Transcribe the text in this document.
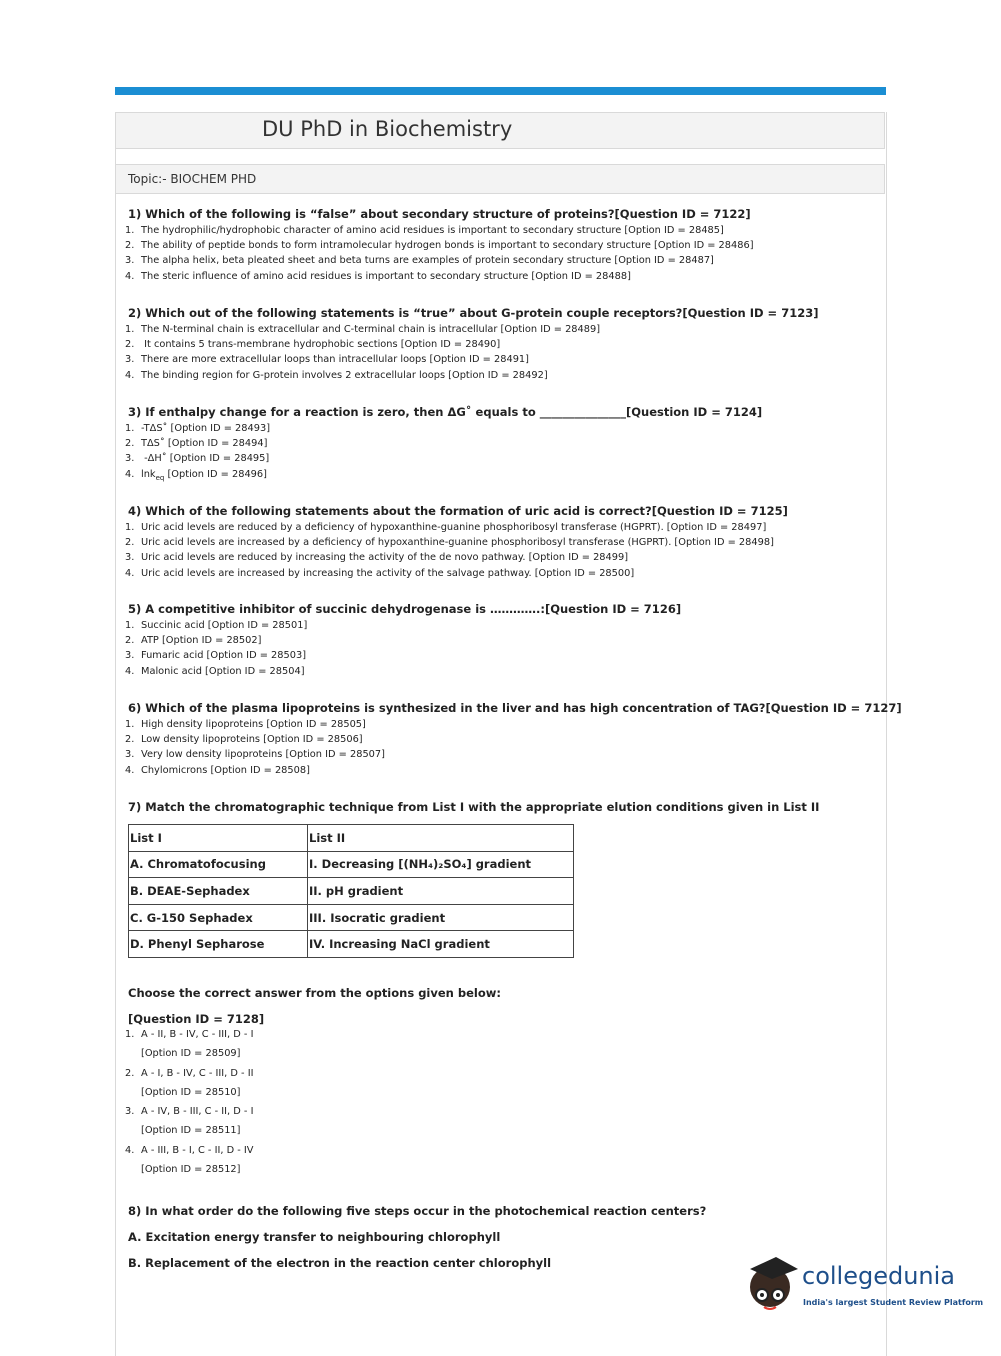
DU PhD in Biochemistry
Topic:- BIOCHEM PHD
1) Which of the following is “false” about secondary structure of proteins?[Question ID = 7122]
1. The hydrophilic/hydrophobic character of amino acid residues is important to secondary structure [Option ID = 28485]
2. The ability of peptide bonds to form intramolecular hydrogen bonds is important to secondary structure [Option ID = 28486]
3. The alpha helix, beta pleated sheet and beta turns are examples of protein secondary structure [Option ID = 28487]
4. The steric influence of amino acid residues is important to secondary structure [Option ID = 28488]
2) Which out of the following statements is “true” about G-protein couple receptors?[Question ID = 7123]
1. The N-terminal chain is extracellular and C-terminal chain is intracellular [Option ID = 28489]
2. It contains 5 trans-membrane hydrophobic sections [Option ID = 28490]
3. There are more extracellular loops than intracellular loops [Option ID = 28491]
4. The binding region for G-protein involves 2 extracellular loops [Option ID = 28492]
3) If enthalpy change for a reaction is zero, then ΔG˚ equals to _______________[Question ID = 7124]
1. -TΔS˚ [Option ID = 28493]
2. TΔS˚ [Option ID = 28494]
3. -ΔH˚ [Option ID = 28495]
4. lnk$_{eq}$ [Option ID = 28496]
4) Which of the following statements about the formation of uric acid is correct?[Question ID = 7125]
1. Uric acid levels are reduced by a deficiency of hypoxanthine-guanine phosphoribosyl transferase (HGPRT). [Option ID = 28497]
2. Uric acid levels are increased by a deficiency of hypoxanthine-guanine phosphoribosyl transferase (HGPRT). [Option ID = 28498]
3. Uric acid levels are reduced by increasing the activity of the de novo pathway. [Option ID = 28499]
4. Uric acid levels are increased by increasing the activity of the salvage pathway. [Option ID = 28500]
5) A competitive inhibitor of succinic dehydrogenase is ………….:[Question ID = 7126]
1. Succinic acid [Option ID = 28501]
2. ATP [Option ID = 28502]
3. Fumaric acid [Option ID = 28503]
4. Malonic acid [Option ID = 28504]
6) Which of the plasma lipoproteins is synthesized in the liver and has high concentration of TAG?[Question ID = 7127]
1. High density lipoproteins [Option ID = 28505]
2. Low density lipoproteins [Option ID = 28506]
3. Very low density lipoproteins [Option ID = 28507]
4. Chylomicrons [Option ID = 28508]
7) Match the chromatographic technique from List I with the appropriate elution conditions given in List II
List I	List II
A. Chromatofocusing	I. Decreasing [(NH₄)₂SO₄] gradient
B. DEAE-Sephadex	II. pH gradient
C. G-150 Sephadex	III. Isocratic gradient
D. Phenyl Sepharose	IV. Increasing NaCl gradient
Choose the correct answer from the options given below:
[Question ID = 7128]
1. A - II, B - IV, C - III, D - I
[Option ID = 28509]
2. A - I, B - IV, C - III, D - II
[Option ID = 28510]
3. A - IV, B - III, C - II, D - I
[Option ID = 28511]
4. A - III, B - I, C - II, D - IV
[Option ID = 28512]
8) In what order do the following five steps occur in the photochemical reaction centers?
A. Excitation energy transfer to neighbouring chlorophyll
B. Replacement of the electron in the reaction center chlorophyll	collegedunia
India's largest Student Review Platform
